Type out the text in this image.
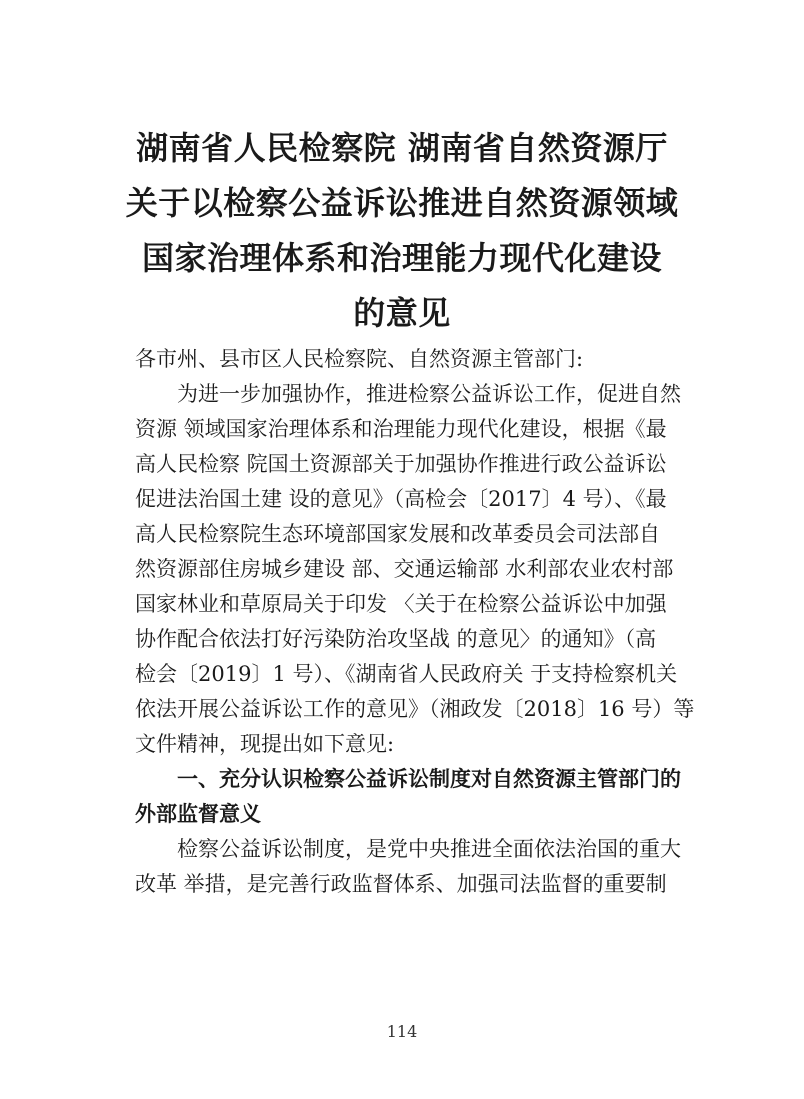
湖南省人民检察院 湖南省自然资源厅
关于以检察公益诉讼推进自然资源领域
国家治理体系和治理能力现代化建设
的意见
各市州、县市区人民检察院、自然资源主管部门:
为进一步加强协作，推进检察公益诉讼工作，促进自然
资源 领域国家治理体系和治理能力现代化建设，根据《最
高人民检察 院国土资源部关于加强协作推进行政公益诉讼
促进法治国土建 设的意见》（高检会〔2017〕4 号）、《最
高人民检察院生态环境部国家发展和改革委员会司法部自
然资源部住房城乡建设 部、交通运输部 水利部农业农村部
国家林业和草原局关于印发 〈关于在检察公益诉讼中加强
协作配合依法打好污染防治攻坚战 的意见〉的通知》（高
检会〔2019〕1 号）、《湖南省人民政府关 于支持检察机关
依法开展公益诉讼工作的意见》（湘政发〔2018〕16 号）等
文件精神，现提出如下意见:
一、充分认识检察公益诉讼制度对自然资源主管部门的
外部监督意义
检察公益诉讼制度，是党中央推进全面依法治国的重大
改革 举措，是完善行政监督体系、加强司法监督的重要制
114
